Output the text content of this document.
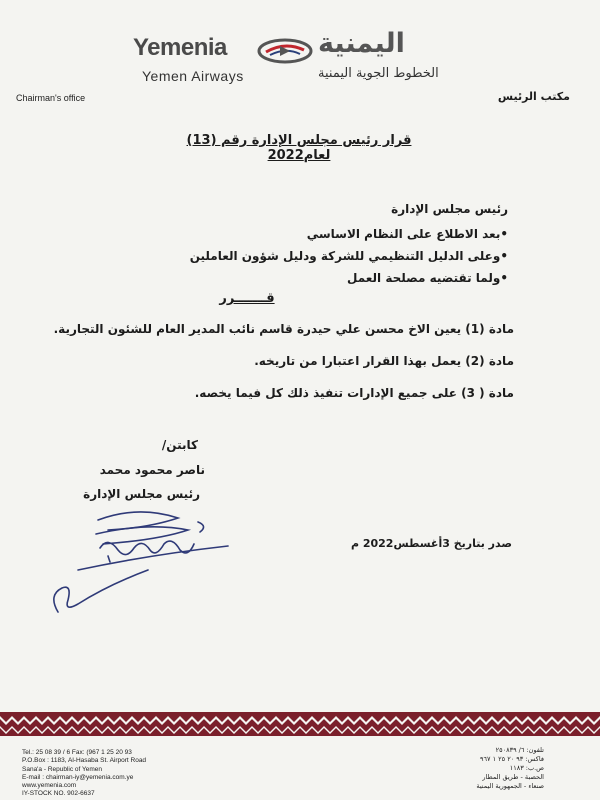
Yemenia
Yemen Airways
اليمنية
الخطوط الجوية اليمنية
Chairman's office	مكتب الرئيس
قرار رئيس مجلس الإدارة رقم (13) لعام2022
رئيس مجلس الإدارة
•بعد الاطلاع على النظام الاساسي
•وعلى الدليل التنظيمي للشركة ودليل شؤون العاملين
•ولما تقتضيه مصلحة العمل
قـــــــرر
مادة (1) يعين الاخ محسن علي حيدرة قاسم نائب المدير العام للشئون التجارية.
مادة (2) يعمل بهذا القرار اعتبارا من تاريخه.
مادة ( 3) على جميع الإدارات تنفيذ ذلك كل فيما يخصه.
كابتن/
ناصر محمود محمد
رئيس مجلس الإدارة
صدر بتاريخ 3أغسطس2022 م
Tel.: 25 08 39 / 6 Fax: (967 1 25 20 93
P.O.Box : 1183, Al-Hasaba St. Airport Road
Sana'a - Republic of Yemen
E-mail : chairman-iy@yemenia.com.ye
www.yemenia.com
IY-STOCK NO. 902-6637
تلفون: ٦/ ٢٥٠٨٣٩
فاكس: ٩٣ ٢٠ ٢٥ ١ ٩٦٧
ص.ب: ١١٨٣
الحصبة - طريق المطار
صنعاء - الجمهورية اليمنية
